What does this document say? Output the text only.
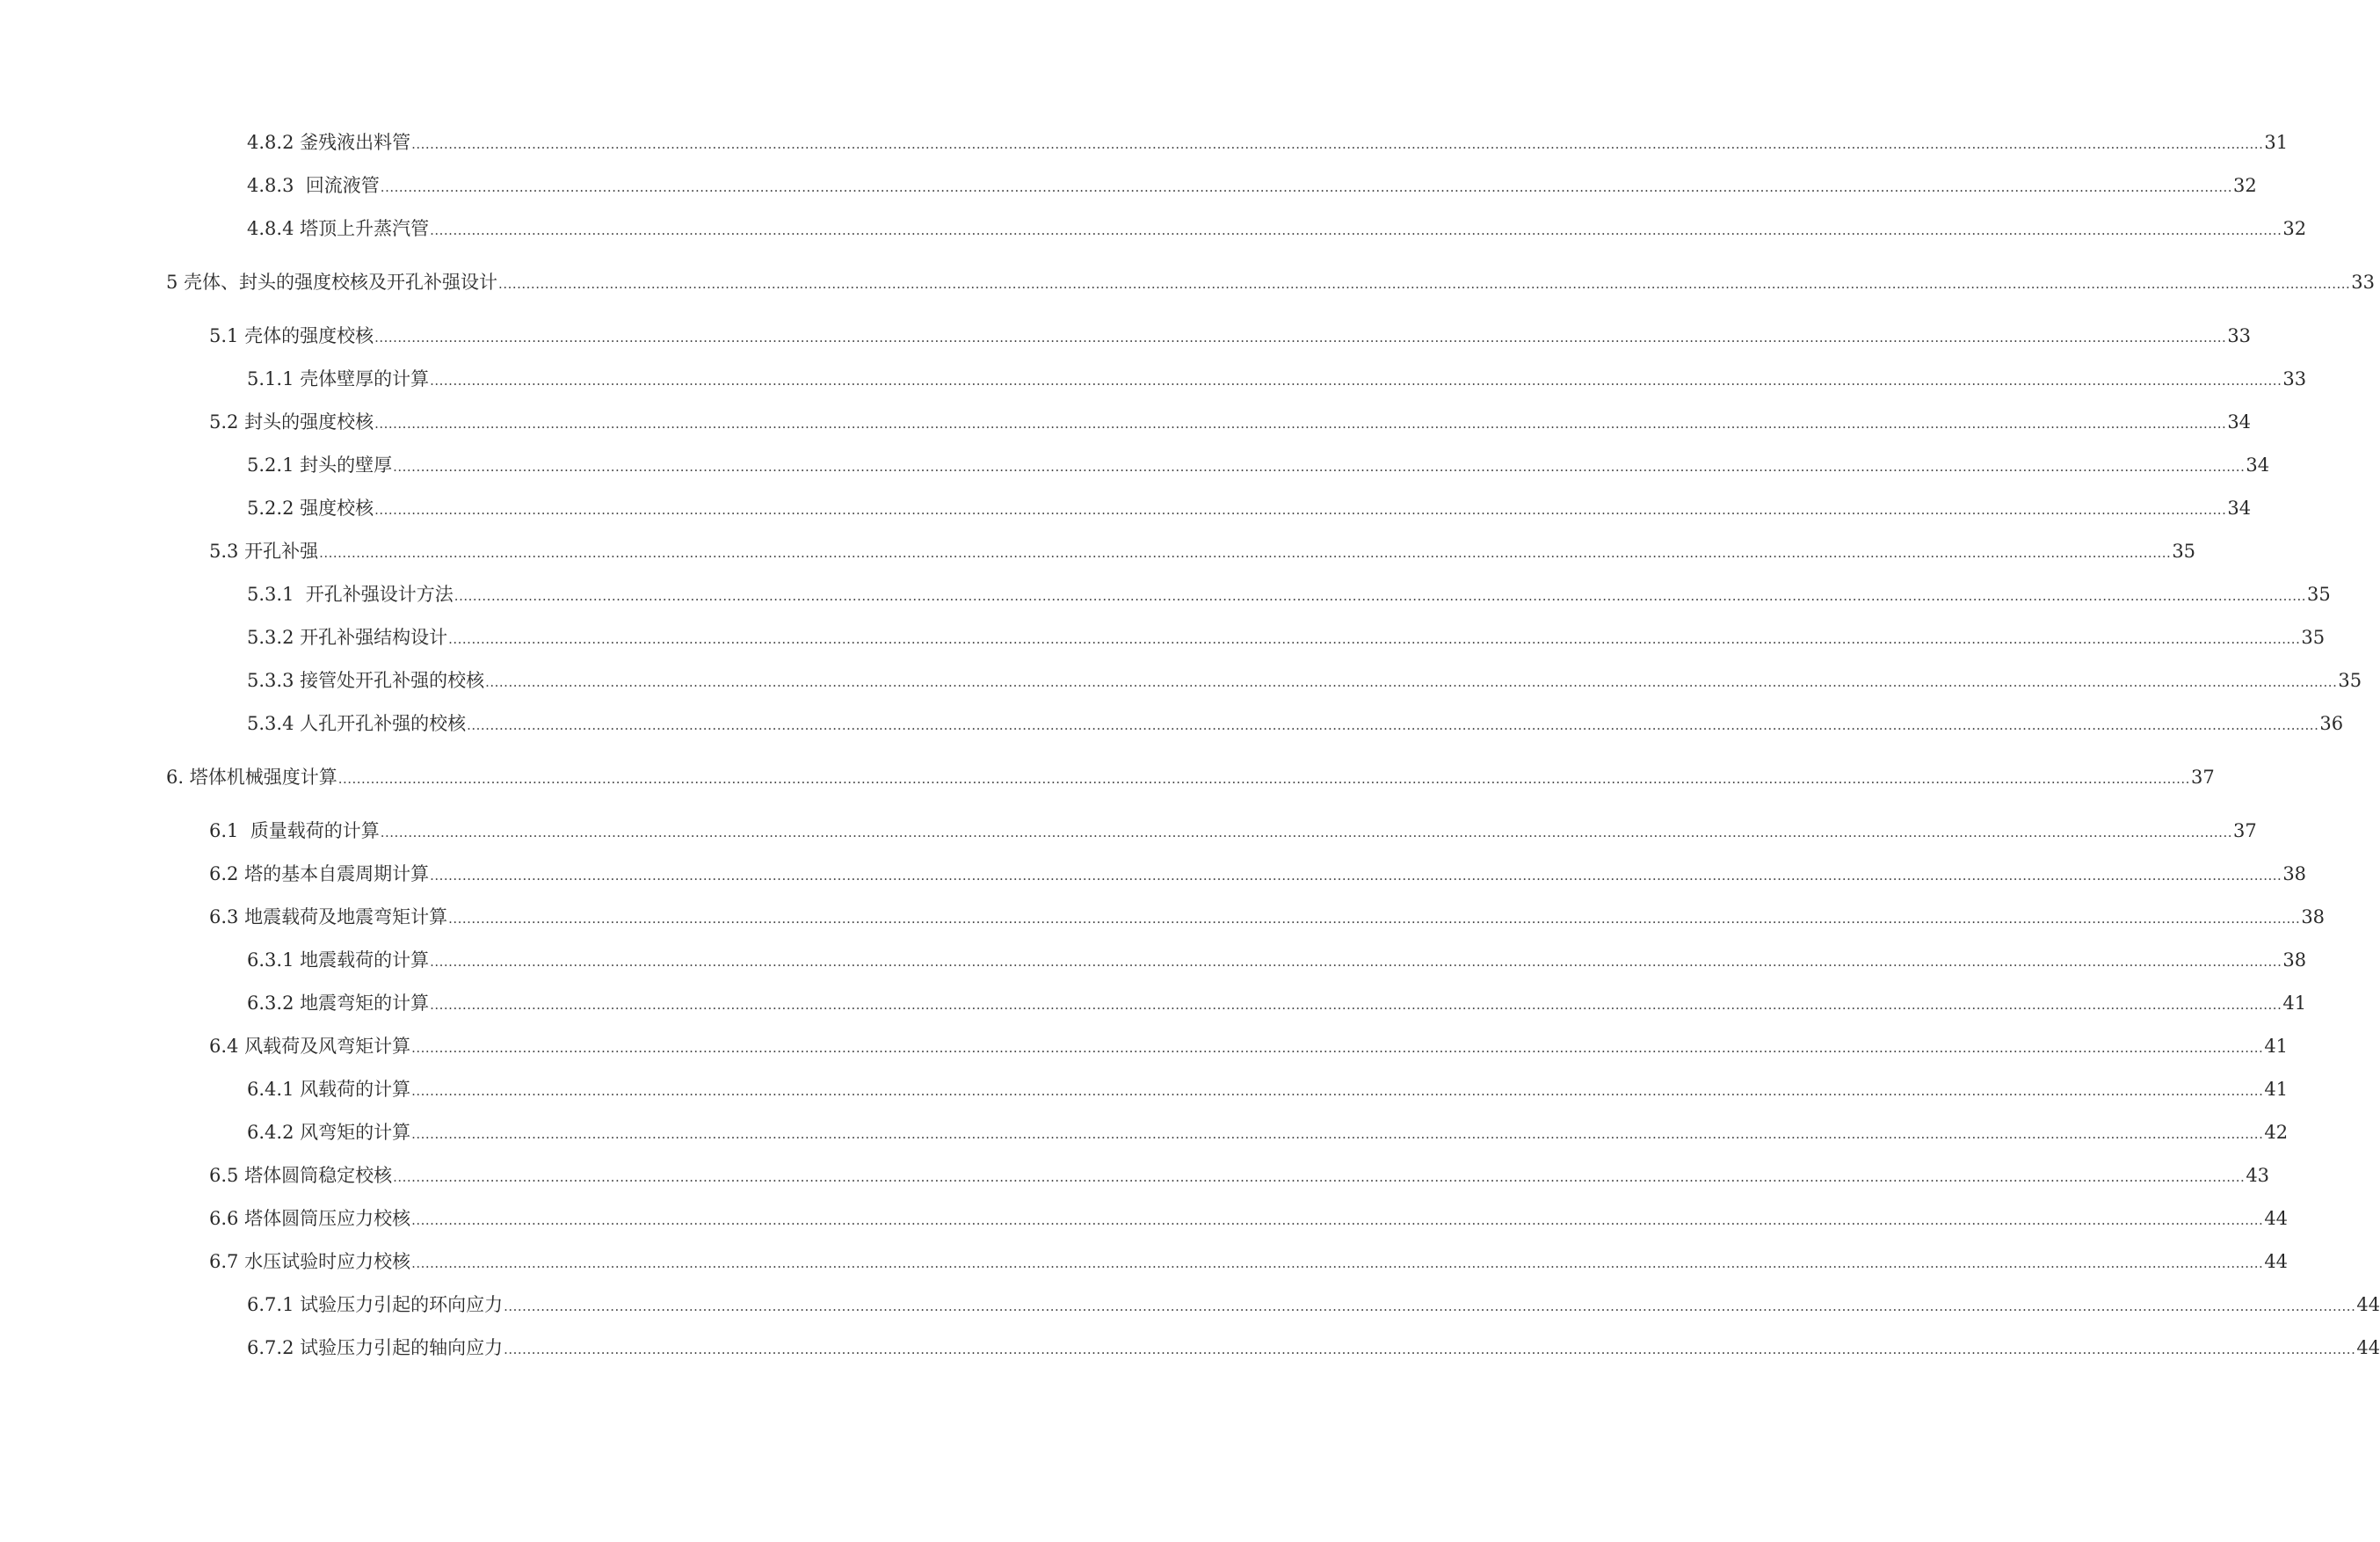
4.8.2 釜残液出料管 ................................................................................................................................................................................................................................................................................................................................................................................................................ 31
4.8.3  回流液管 ................................................................................................................................................................................................................................................................................................................................................................................................................ 32
4.8.4 塔顶上升蒸汽管 ................................................................................................................................................................................................................................................................................................................................................................................................................ 32
5 壳体、封头的强度校核及开孔补强设计 ................................................................................................................................................................................................................................................................................................................................................................................................................ 33
5.1 壳体的强度校核 ................................................................................................................................................................................................................................................................................................................................................................................................................ 33
5.1.1 壳体壁厚的计算 ................................................................................................................................................................................................................................................................................................................................................................................................................ 33
5.2 封头的强度校核 ................................................................................................................................................................................................................................................................................................................................................................................................................ 34
5.2.1 封头的壁厚 ................................................................................................................................................................................................................................................................................................................................................................................................................ 34
5.2.2 强度校核 ................................................................................................................................................................................................................................................................................................................................................................................................................ 34
5.3 开孔补强 ................................................................................................................................................................................................................................................................................................................................................................................................................ 35
5.3.1  开孔补强设计方法 ................................................................................................................................................................................................................................................................................................................................................................................................................ 35
5.3.2 开孔补强结构设计 ................................................................................................................................................................................................................................................................................................................................................................................................................ 35
5.3.3 接管处开孔补强的校核 ................................................................................................................................................................................................................................................................................................................................................................................................................ 35
5.3.4 人孔开孔补强的校核 ................................................................................................................................................................................................................................................................................................................................................................................................................ 36
6. 塔体机械强度计算 ................................................................................................................................................................................................................................................................................................................................................................................................................ 37
6.1  质量载荷的计算 ................................................................................................................................................................................................................................................................................................................................................................................................................ 37
6.2 塔的基本自震周期计算 ................................................................................................................................................................................................................................................................................................................................................................................................................ 38
6.3 地震载荷及地震弯矩计算 ................................................................................................................................................................................................................................................................................................................................................................................................................ 38
6.3.1 地震载荷的计算 ................................................................................................................................................................................................................................................................................................................................................................................................................ 38
6.3.2 地震弯矩的计算 ................................................................................................................................................................................................................................................................................................................................................................................................................ 41
6.4 风载荷及风弯矩计算 ................................................................................................................................................................................................................................................................................................................................................................................................................ 41
6.4.1 风载荷的计算 ................................................................................................................................................................................................................................................................................................................................................................................................................ 41
6.4.2 风弯矩的计算 ................................................................................................................................................................................................................................................................................................................................................................................................................ 42
6.5 塔体圆筒稳定校核 ................................................................................................................................................................................................................................................................................................................................................................................................................ 43
6.6 塔体圆筒压应力校核 ................................................................................................................................................................................................................................................................................................................................................................................................................ 44
6.7 水压试验时应力校核 ................................................................................................................................................................................................................................................................................................................................................................................................................ 44
6.7.1 试验压力引起的环向应力 ................................................................................................................................................................................................................................................................................................................................................................................................................ 44
6.7.2 试验压力引起的轴向应力 ................................................................................................................................................................................................................................................................................................................................................................................................................ 44
